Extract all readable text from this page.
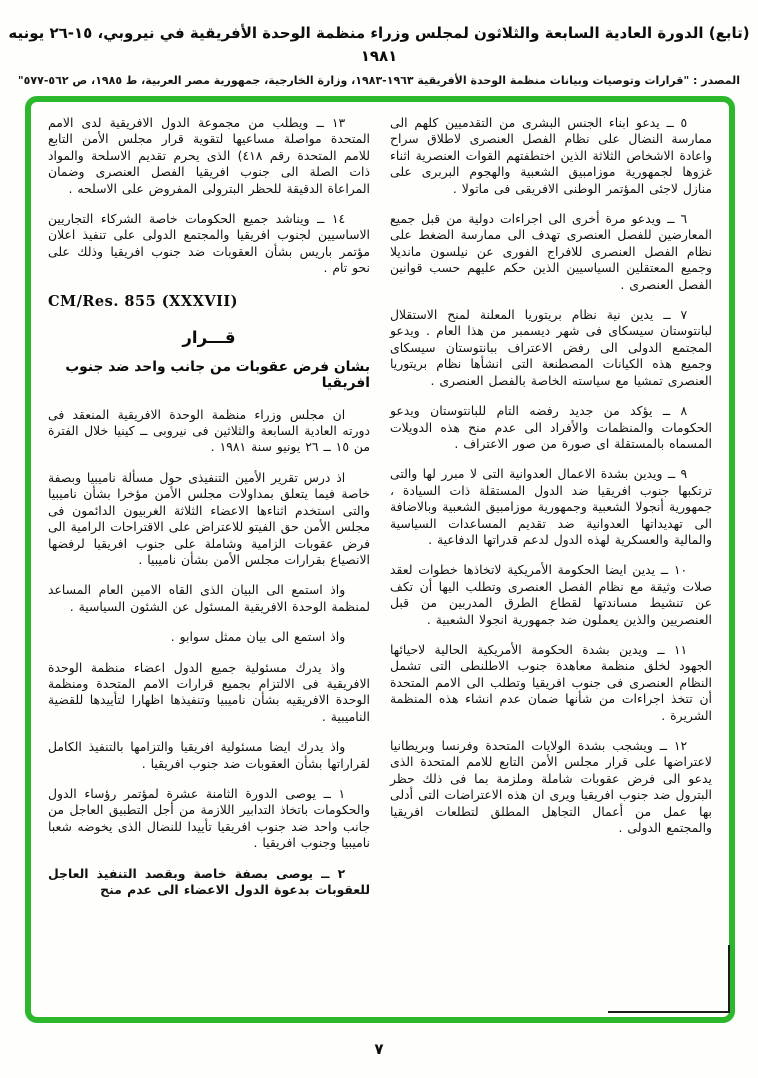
(تابع) الدورة العادية السابعة والثلاثون لمجلس وزراء منظمة الوحدة الأفريقية في نيروبي، ١٥-٢٦ يونيه ١٩٨١
المصدر : "قرارات وتوصيات وبيانات منظمة الوحدة الأفريقية ١٩٦٣-١٩٨٣، وزارة الخارجية، جمهورية مصر العربية، ط ١٩٨٥، ص ٥٦٢-٥٧٧"

٥ ــ يدعو ابناء الجنس البشرى من التقدميين كلهم الى ممارسة النضال على نظام الفصل العنصرى لاطلاق سراح واعادة الاشخاص الثلاثة الذين اختطفتهم القوات العنصرية اثناء غزوها لجمهورية موزامبيق الشعبية والهجوم البربرى على منازل لاجئى المؤتمر الوطنى الافريقى فى ماتولا .

٦ ــ ويدعو مرة أخرى الى اجراءات دولية من قبل جميع المعارضين للفصل العنصرى تهدف الى ممارسة الضغط على نظام الفصل العنصرى للافراج الفورى عن نيلسون مانديلا وجميع المعتقلين السياسيين الذين حكم عليهم حسب قوانين الفصل العنصرى .

٧ ــ يدين نية نظام بريتوريا المعلنة لمنح الاستقلال لبانتوستان سيسكاى فى شهر ديسمبر من هذا العام . ويدعو المجتمع الدولى الى رفض الاعتراف ببانتوستان سيسكاى وجميع هذه الكيانات المصطنعة التى انشأها نظام بريتوريا العنصرى تمشيا مع سياسته الخاصة بالفصل العنصرى .

٨ ــ يؤكد من جديد رفضه التام للبانتوستان ويدعو الحكومات والمنظمات والأفراد الى عدم منح هذه الدويلات المسماه بالمستقلة اى صورة من صور الاعتراف .

٩ ــ ويدين بشدة الاعمال العدوانية التى لا مبرر لها والتى ترتكبها جنوب افريقيا ضد الدول المستقلة ذات السيادة ، جمهورية أنجولا الشعبية وجمهورية موزامبيق الشعبية وبالاضافة الى تهديداتها العدوانية ضد تقديم المساعدات السياسية والمالية والعسكرية لهذه الدول لدعم قدراتها الدفاعية .

١٠ ــ يدين ايضا الحكومة الأمريكية لاتخاذها خطوات لعقد صلات وثيقة مع نظام الفصل العنصرى وتطلب اليها أن تكف عن تنشيط مساندتها لقطاع الطرق المدربين من قبل العنصريين والذين يعملون ضد جمهورية انجولا الشعبية .

١١ ــ ويدين بشدة الحكومة الأمريكية الحالية لاحيائها الجهود لخلق منظمة معاهدة جنوب الاطلنطى التى تشمل النظام العنصرى فى جنوب افريقيا وتطلب الى الامم المتحدة أن تتخذ اجراءات من شأنها ضمان عدم انشاء هذه المنظمة الشريرة .

١٢ ــ ويشجب بشدة الولايات المتحدة وفرنسا وبريطانيا لاعتراضها على قرار مجلس الأمن التابع للامم المتحدة الذى يدعو الى فرض عقوبات شاملة وملزمة بما فى ذلك حظر البترول ضد جنوب افريقيا ويرى ان هذه الاعتراضات التى أدلى بها عمل من أعمال التجاهل المطلق لتطلعات افريقيا والمجتمع الدولى .

١٣ ــ ويطلب من مجموعة الدول الافريقية لدى الامم المتحدة مواصلة مساعيها لتقوية قرار مجلس الأمن التابع للامم المتحدة رقم ٤١٨) الذى يحرم تقديم الاسلحة والمواد ذات الصلة الى جنوب افريقيا الفصل العنصرى وضمان المراعاة الدقيقة للحظر البترولى المفروض على الاسلحه .

١٤ ــ ويناشد جميع الحكومات خاصة الشركاء التجاريين الاساسيين لجنوب افريقيا والمجتمع الدولى على تنفيذ اعلان مؤتمر باريس بشأن العقوبات ضد جنوب افريقيا وذلك على نحو تام .

CM/Res. 855 (XXXVII)
قـــرار
بشان فرض عقوبات من جانب واحد ضد جنوب افريقيا

ان مجلس وزراء منظمة الوحدة الافريقية المنعقد فى دورته العادية السابعة والثلاثين فى نيروبى ــ كينيا خلال الفترة من ١٥ ــ ٢٦ يونيو سنة ١٩٨١ .

اذ درس تقرير الأمين التنفيذى حول مسألة ناميبيا وبصفة خاصة فيما يتعلق بمداولات مجلس الأمن مؤخرا بشأن ناميبيا والتى استخدم اثناءها الاعضاء الثلاثة الغربيون الدائمون فى مجلس الأمن حق الفيتو للاعتراض على الاقتراحات الرامية الى فرض عقوبات الزامية وشاملة على جنوب افريقيا لرفضها الانصياع بقرارات مجلس الأمن بشأن ناميبيا .

واذ استمع الى البيان الذى القاه الامين العام المساعد لمنظمة الوحدة الافريقية المسئول عن الشئون السياسية .

واذ استمع الى بيان ممثل سوابو .

واذ يدرك مسئولية جميع الدول اعضاء منظمة الوحدة الافريقية فى الالتزام بجميع قرارات الامم المتحدة ومنظمة الوحدة الافريقيه بشأن ناميبيا وتنفيذها اظهارا لتأييدها للقضية الناميبية .

واذ يدرك ايضا مسئولية افريقيا والتزامها بالتنفيذ الكامل لقراراتها بشأن العقوبات ضد جنوب افريقيا .

١ ــ يوصى الدورة الثامنة عشرة لمؤتمر رؤساء الدول والحكومات باتخاذ التدابير اللازمة من أجل التطبيق العاجل من جانب واحد ضد جنوب افريقيا تأييدا للنضال الذى يخوضه شعبا ناميبيا وجنوب افريقيا .

٢ ــ يوصى بصفة خاصة وبقصد التنفيذ العاجل للعقوبات بدعوة الدول الاعضاء الى عدم منح

٧
